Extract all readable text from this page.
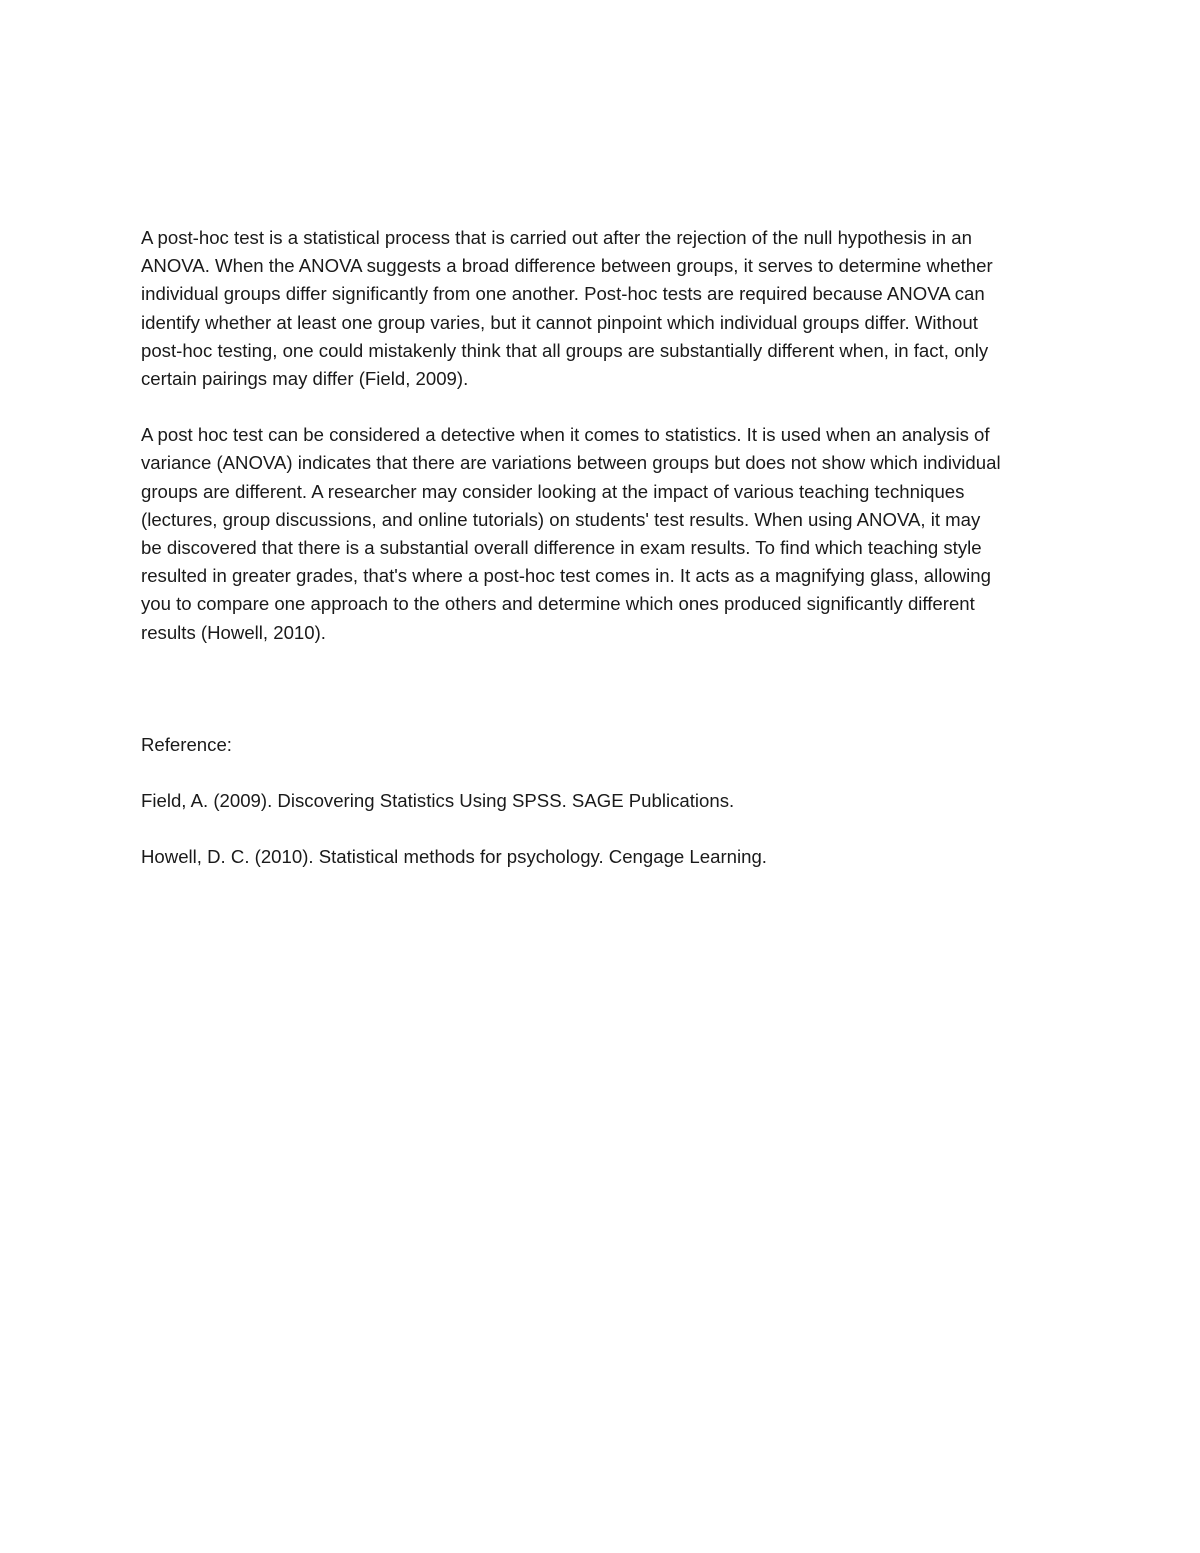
A post-hoc test is a statistical process that is carried out after the rejection of the null hypothesis in an
ANOVA. When the ANOVA suggests a broad difference between groups, it serves to determine whether
individual groups differ significantly from one another. Post-hoc tests are required because ANOVA can
identify whether at least one group varies, but it cannot pinpoint which individual groups differ. Without
post-hoc testing, one could mistakenly think that all groups are substantially different when, in fact, only
certain pairings may differ (Field, 2009).

A post hoc test can be considered a detective when it comes to statistics. It is used when an analysis of
variance (ANOVA) indicates that there are variations between groups but does not show which individual
groups are different. A researcher may consider looking at the impact of various teaching techniques
(lectures, group discussions, and online tutorials) on students' test results. When using ANOVA, it may
be discovered that there is a substantial overall difference in exam results. To find which teaching style
resulted in greater grades, that's where a post-hoc test comes in. It acts as a magnifying glass, allowing
you to compare one approach to the others and determine which ones produced significantly different
results (Howell, 2010).

Reference:

Field, A. (2009). Discovering Statistics Using SPSS. SAGE Publications.

Howell, D. C. (2010). Statistical methods for psychology. Cengage Learning.
